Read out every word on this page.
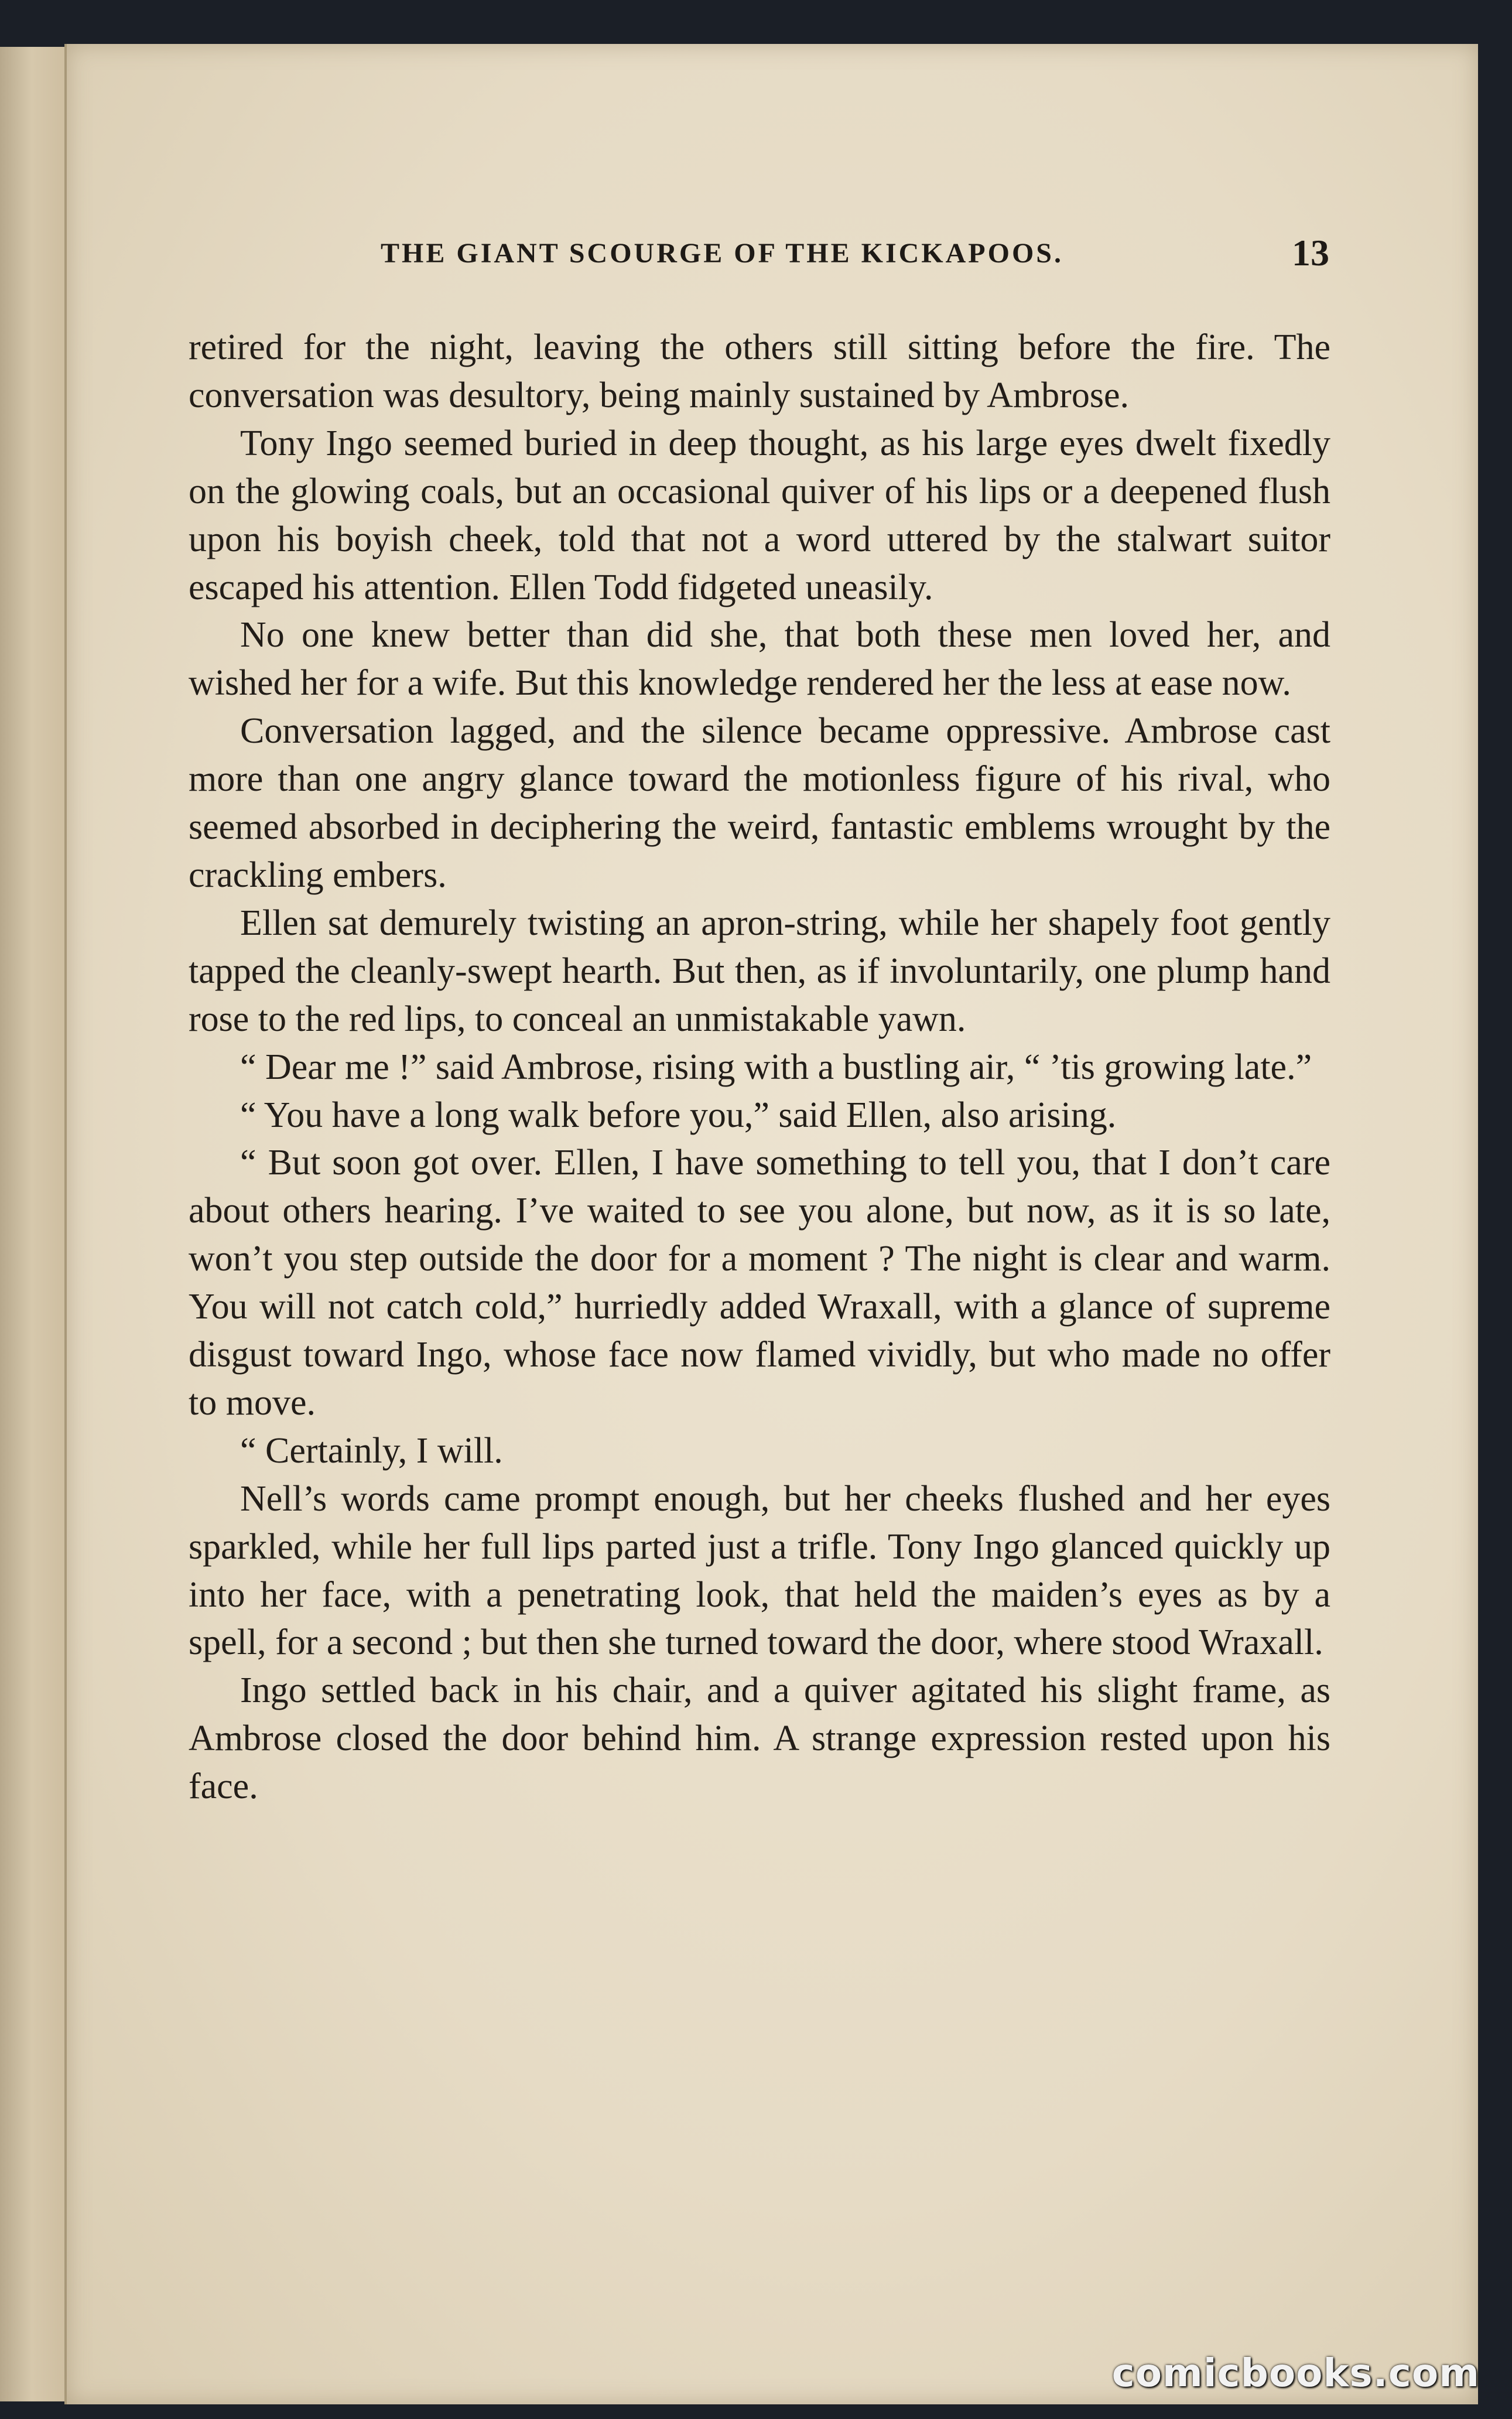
THE GIANT SCOURGE OF THE KICKAPOOS.	13

retired for the night, leaving the others still sitting before the fire. The conversation was desultory, being mainly sustained by Ambrose.

Tony Ingo seemed buried in deep thought, as his large eyes dwelt fixedly on the glowing coals, but an occasional quiver of his lips or a deepened flush upon his boyish cheek, told that not a word uttered by the stalwart suitor escaped his attention. Ellen Todd fidgeted uneasily.

No one knew better than did she, that both these men loved her, and wished her for a wife. But this knowledge rendered her the less at ease now.

Conversation lagged, and the silence became oppressive. Ambrose cast more than one angry glance toward the motionless figure of his rival, who seemed absorbed in deciphering the weird, fantastic emblems wrought by the crackling embers.

Ellen sat demurely twisting an apron-string, while her shapely foot gently tapped the cleanly-swept hearth. But then, as if involuntarily, one plump hand rose to the red lips, to conceal an unmistakable yawn.

“ Dear me !” said Ambrose, rising with a bustling air, “ ’tis growing late.”

“ You have a long walk before you,” said Ellen, also arising.

“ But soon got over. Ellen, I have something to tell you, that I don’t care about others hearing. I’ve waited to see you alone, but now, as it is so late, won’t you step outside the door for a moment ? The night is clear and warm. You will not catch cold,” hurriedly added Wraxall, with a glance of supreme disgust toward Ingo, whose face now flamed vividly, but who made no offer to move.

“ Certainly, I will.

Nell’s words came prompt enough, but her cheeks flushed and her eyes sparkled, while her full lips parted just a trifle. Tony Ingo glanced quickly up into her face, with a penetrating look, that held the maiden’s eyes as by a spell, for a second ; but then she turned toward the door, where stood Wraxall.

Ingo settled back in his chair, and a quiver agitated his slight frame, as Ambrose closed the door behind him. A strange expression rested upon his face.

comicbooks.com
